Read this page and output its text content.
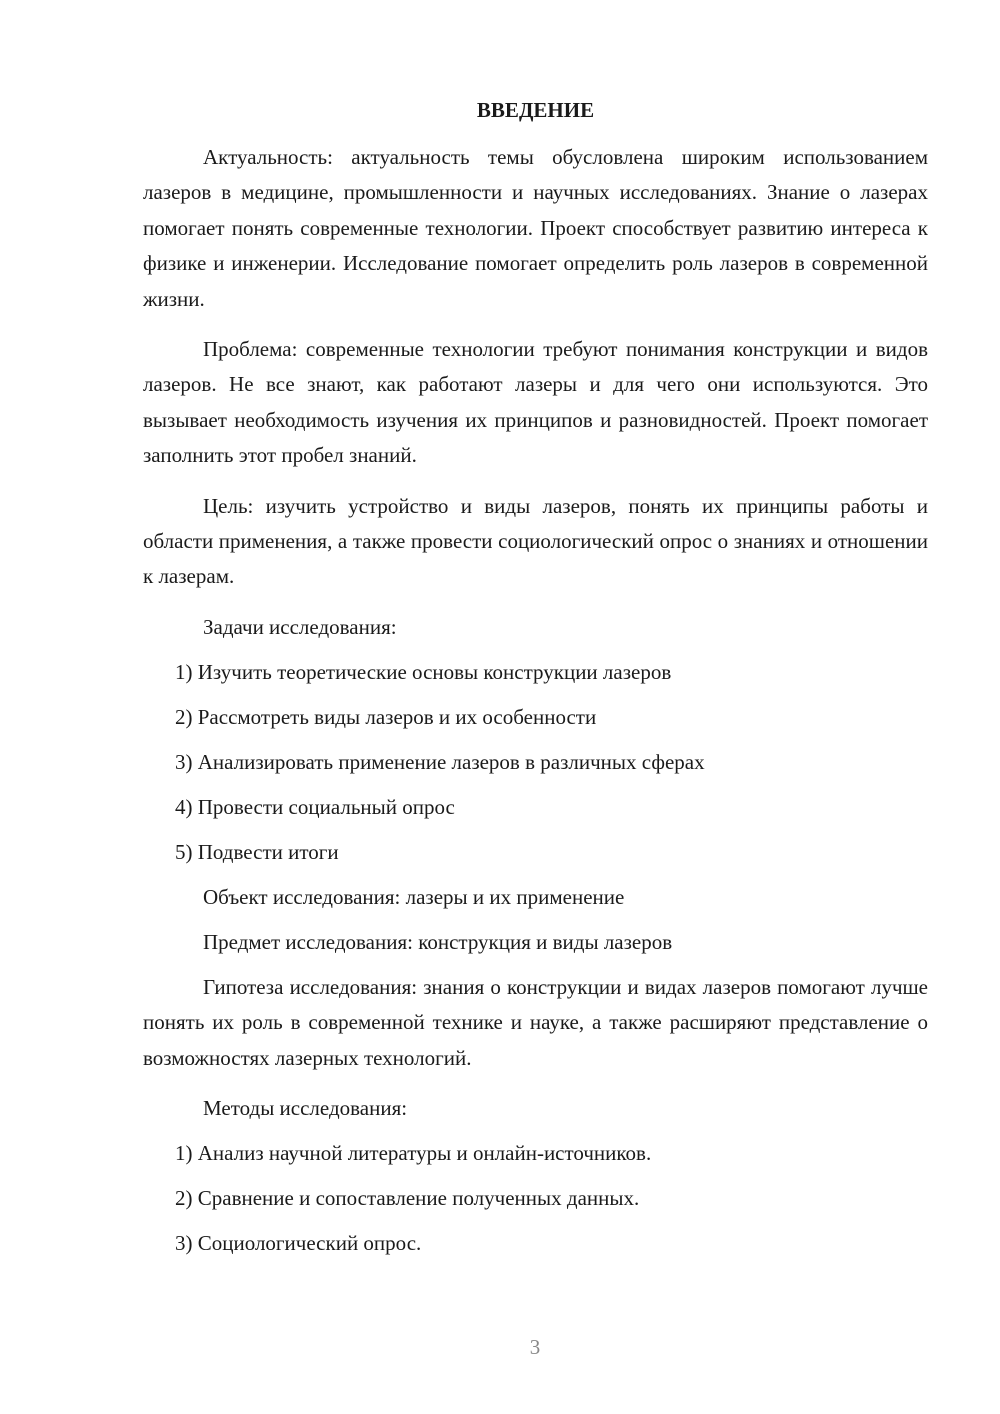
ВВЕДЕНИЕ

Актуальность: актуальность темы обусловлена широким использованием лазеров в медицине, промышленности и научных исследованиях. Знание о лазерах помогает понять современные технологии. Проект способствует развитию интереса к физике и инженерии. Исследование помогает определить роль лазеров в современной жизни.

Проблема: современные технологии требуют понимания конструкции и видов лазеров. Не все знают, как работают лазеры и для чего они используются. Это вызывает необходимость изучения их принципов и разновидностей. Проект помогает заполнить этот пробел знаний.

Цель: изучить устройство и виды лазеров, понять их принципы работы и области применения, а также провести социологический опрос о знаниях и отношении к лазерам.

Задачи исследования:

1) Изучить теоретические основы конструкции лазеров

2) Рассмотреть виды лазеров и их особенности

3) Анализировать применение лазеров в различных сферах

4) Провести социальный опрос

5) Подвести итоги

Объект исследования: лазеры и их применение

Предмет исследования: конструкция и виды лазеров

Гипотеза исследования: знания о конструкции и видах лазеров помогают лучше понять их роль в современной технике и науке, а также расширяют представление о возможностях лазерных технологий.

Методы исследования:

1) Анализ научной литературы и онлайн-источников.

2) Сравнение и сопоставление полученных данных.

3) Социологический опрос.

3
